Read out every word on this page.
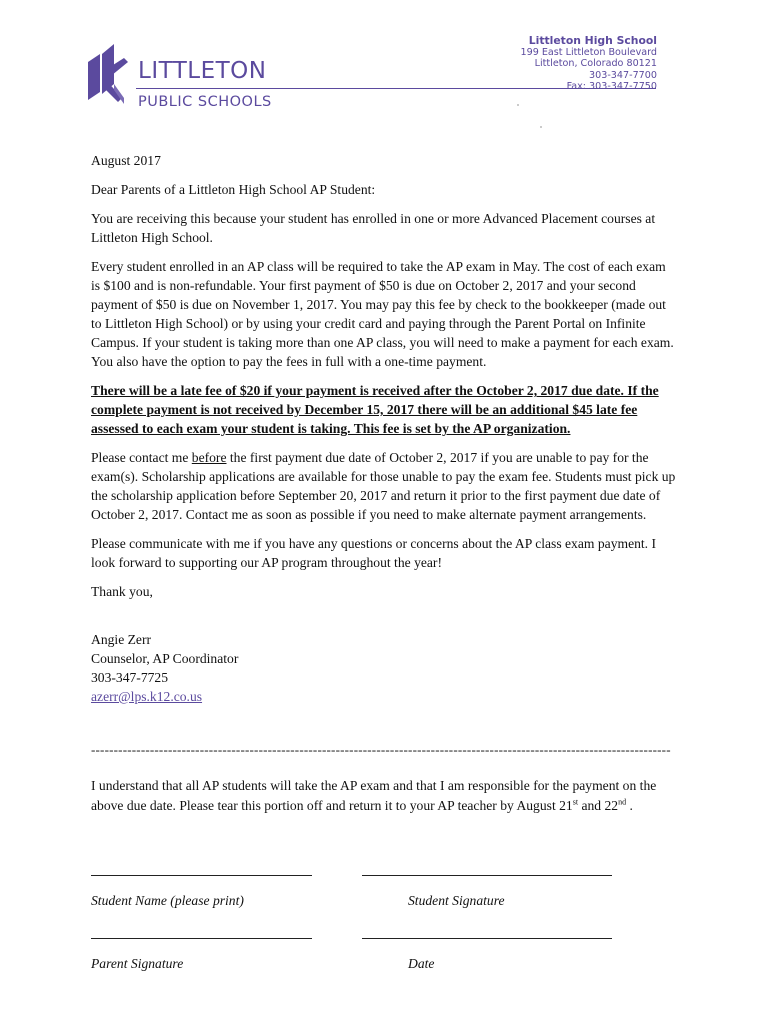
LITTLETON
PUBLIC SCHOOLS
Littleton High School
199 East Littleton Boulevard
Littleton, Colorado 80121
303-347-7700
Fax: 303-347-7750

August 2017

Dear Parents of a Littleton High School AP Student:

You are receiving this because your student has enrolled in one or more Advanced Placement courses at Littleton High School.

Every student enrolled in an AP class will be required to take the AP exam in May. The cost of each exam is $100 and is non-refundable. Your first payment of $50 is due on October 2, 2017 and your second payment of $50 is due on November 1, 2017. You may pay this fee by check to the bookkeeper (made out to Littleton High School) or by using your credit card and paying through the Parent Portal on Infinite Campus. If your student is taking more than one AP class, you will need to make a payment for each exam. You also have the option to pay the fees in full with a one-time payment.

There will be a late fee of $20 if your payment is received after the October 2, 2017 due date. If the complete payment is not received by December 15, 2017 there will be an additional $45 late fee assessed to each exam your student is taking. This fee is set by the AP organization.

Please contact me before the first payment due date of October 2, 2017 if you are unable to pay for the exam(s). Scholarship applications are available for those unable to pay the exam fee. Students must pick up the scholarship application before September 20, 2017 and return it prior to the first payment due date of October 2, 2017. Contact me as soon as possible if you need to make alternate payment arrangements.

Please communicate with me if you have any questions or concerns about the AP class exam payment. I look forward to supporting our AP program throughout the year!

Thank you,

Angie Zerr

Counselor, AP Coordinator

303-347-7725

azerr@lps.k12.co.us

--------------------------------------------------------------------------------------------------------------------------------
I understand that all AP students will take the AP exam and that I am responsible for the payment on the above due date. Please tear this portion off and return it to your AP teacher by August 21st and 22nd .
Student Name (please print)	Student Signature
Parent Signature	Date
